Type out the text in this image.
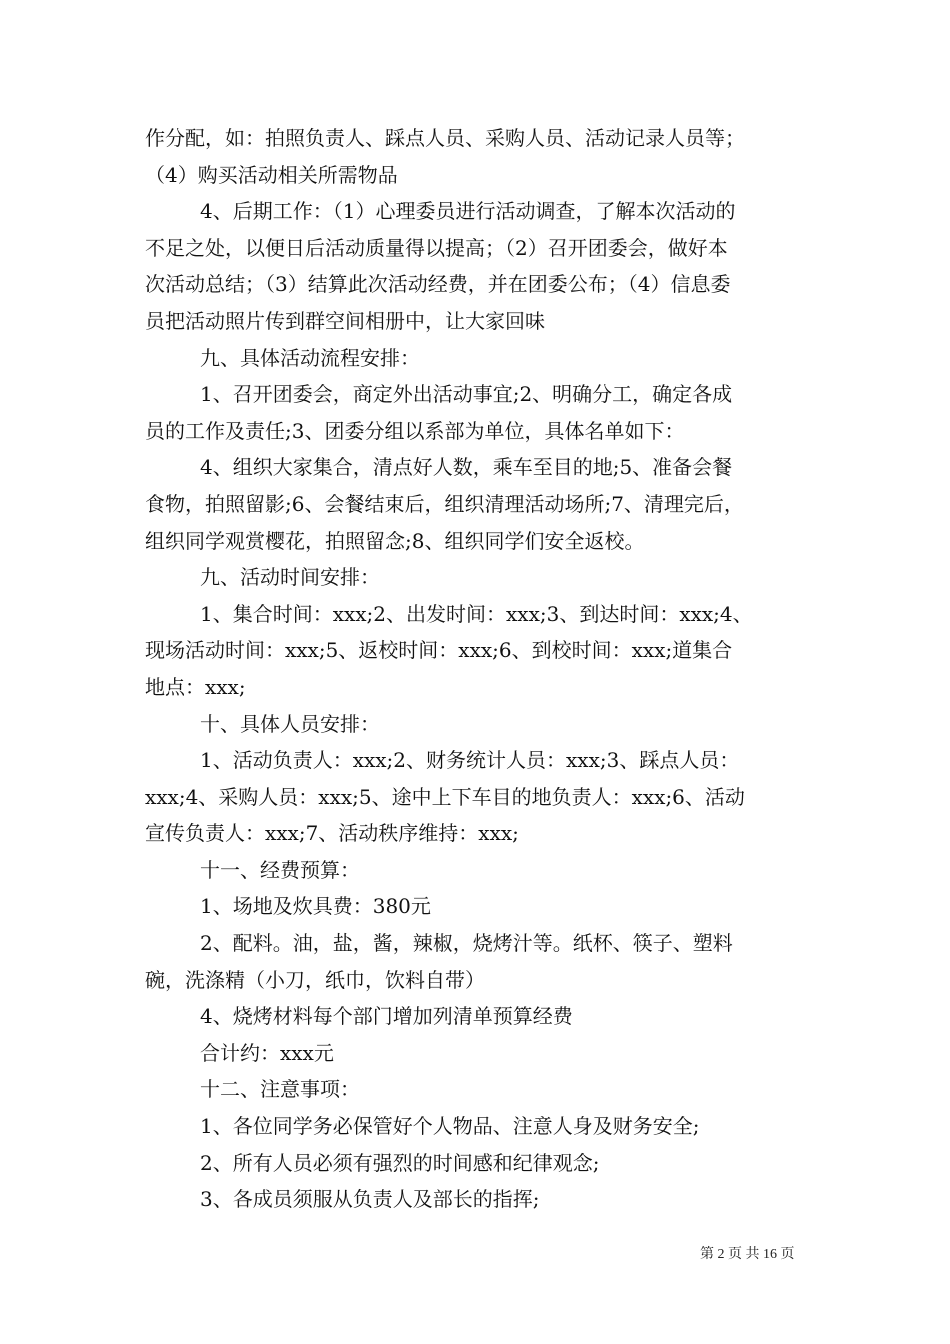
作分配，如：拍照负责人、踩点人员、采购人员、活动记录人员等；
（4）购买活动相关所需物品
4、后期工作：（1）心理委员进行活动调查，了解本次活动的
不足之处，以便日后活动质量得以提高；（2）召开团委会，做好本
次活动总结；（3）结算此次活动经费，并在团委公布；（4）信息委
员把活动照片传到群空间相册中，让大家回味
九、具体活动流程安排：
1、召开团委会，商定外出活动事宜;2、明确分工，确定各成
员的工作及责任;3、团委分组以系部为单位，具体名单如下：
4、组织大家集合，清点好人数，乘车至目的地;5、准备会餐
食物，拍照留影;6、会餐结束后，组织清理活动场所;7、清理完后，
组织同学观赏樱花，拍照留念;8、组织同学们安全返校。
九、活动时间安排：
1、集合时间：xxx;2、出发时间：xxx;3、到达时间：xxx;4、
现场活动时间：xxx;5、返校时间：xxx;6、到校时间：xxx;道集合
地点：xxx;
十、具体人员安排：
1、活动负责人：xxx;2、财务统计人员：xxx;3、踩点人员：
xxx;4、采购人员：xxx;5、途中上下车目的地负责人：xxx;6、活动
宣传负责人：xxx;7、活动秩序维持：xxx;
十一、经费预算：
1、场地及炊具费：380元
2、配料。油，盐，酱，辣椒，烧烤汁等。纸杯、筷子、塑料
碗，洗涤精（小刀，纸巾，饮料自带）
4、烧烤材料每个部门增加列清单预算经费
合计约：xxx元
十二、注意事项：
1、各位同学务必保管好个人物品、注意人身及财务安全;
2、所有人员必须有强烈的时间感和纪律观念;
3、各成员须服从负责人及部长的指挥;
第 2 页 共 16 页
